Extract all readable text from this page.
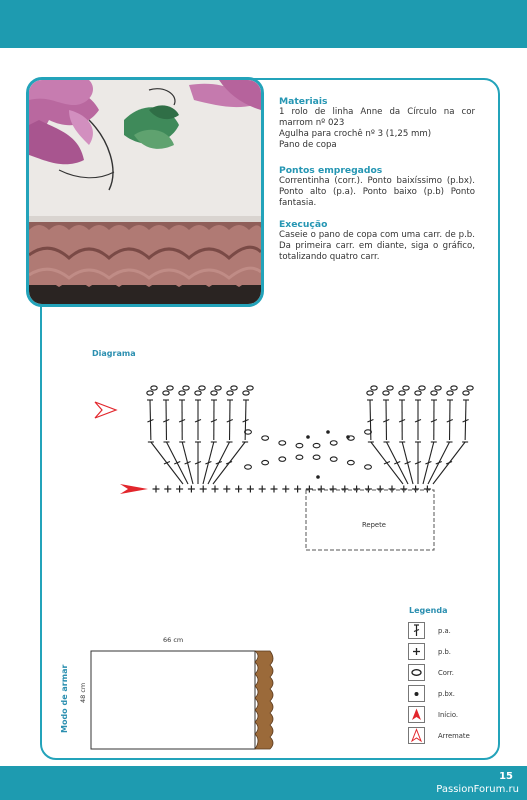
Materiais
1 rolo de linha Anne da Círculo na cor marrom nº 023
Agulha para crochê nº 3 (1,25 mm)
Pano de copa
Pontos empregados
Correntinha (corr.). Ponto baixíssimo (p.bx). Ponto alto (p.a). Ponto baixo (p.b) Ponto fantasia.
Execução
Caseie o pano de copa com uma carr. de p.b. Da primeira carr. em diante, siga o gráfico, totalizando quatro carr.
Diagrama
Repete
Legenda
p.a.
p.b.
Corr.
p.bx.
Início.
Arremate
66 cm
48 cm
Modo de armar
15
PassionForum.ru
